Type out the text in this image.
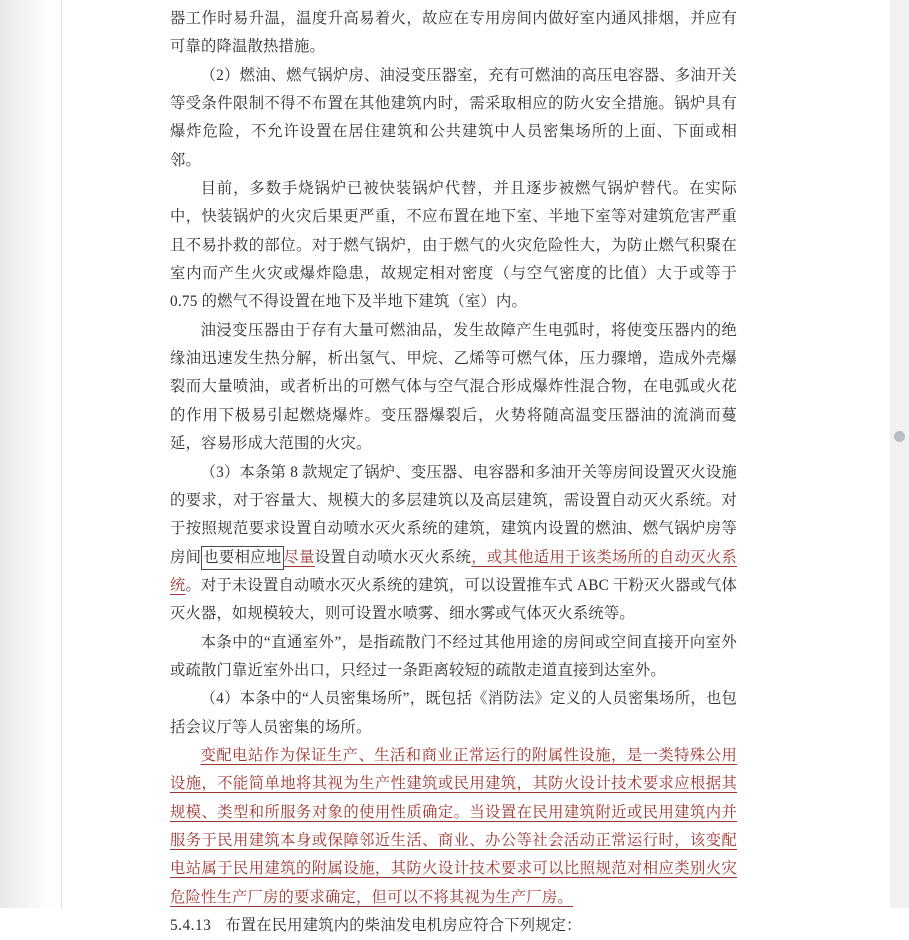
器工作时易升温，温度升高易着火，故应在专用房间内做好室内通风排烟，并应有可靠的降温散热措施。

（2）燃油、燃气锅炉房、油浸变压器室，充有可燃油的高压电容器、多油开关等受条件限制不得不布置在其他建筑内时，需采取相应的防火安全措施。锅炉具有爆炸危险，不允许设置在居住建筑和公共建筑中人员密集场所的上面、下面或相邻。

目前，多数手烧锅炉已被快装锅炉代替，并且逐步被燃气锅炉替代。在实际中，快装锅炉的火灾后果更严重，不应布置在地下室、半地下室等对建筑危害严重且不易扑救的部位。对于燃气锅炉，由于燃气的火灾危险性大，为防止燃气积聚在室内而产生火灾或爆炸隐患，故规定相对密度（与空气密度的比值）大于或等于 0.75 的燃气不得设置在地下及半地下建筑（室）内。

油浸变压器由于存有大量可燃油品，发生故障产生电弧时，将使变压器内的绝缘油迅速发生热分解，析出氢气、甲烷、乙烯等可燃气体，压力骤增，造成外壳爆裂而大量喷油，或者析出的可燃气体与空气混合形成爆炸性混合物，在电弧或火花的作用下极易引起燃烧爆炸。变压器爆裂后，火势将随高温变压器油的流淌而蔓延，容易形成大范围的火灾。

（3）本条第 8 款规定了锅炉、变压器、电容器和多油开关等房间设置灭火设施的要求，对于容量大、规模大的多层建筑以及高层建筑，需设置自动灭火系统。对于按照规范要求设置自动喷水灭火系统的建筑，建筑内设置的燃油、燃气锅炉房等房间 也要相应地 尽量设置自动喷水灭火系统，或其他适用于该类场所的自动灭火系统。对于未设置自动喷水灭火系统的建筑，可以设置推车式 ABC 干粉灭火器或气体灭火器，如规模较大，则可设置水喷雾、细水雾或气体灭火系统等。

本条中的“直通室外”，是指疏散门不经过其他用途的房间或空间直接开向室外或疏散门靠近室外出口，只经过一条距离较短的疏散走道直接到达室外。

（4）本条中的“人员密集场所”，既包括《消防法》定义的人员密集场所，也包括会议厅等人员密集的场所。

变配电站作为保证生产、生活和商业正常运行的附属性设施，是一类特殊公用设施，不能简单地将其视为生产性建筑或民用建筑，其防火设计技术要求应根据其规模、类型和所服务对象的使用性质确定。当设置在民用建筑附近或民用建筑内并服务于民用建筑本身或保障邻近生活、商业、办公等社会活动正常运行时，该变配电站属于民用建筑的附属设施，其防火设计技术要求可以比照规范对相应类别火灾危险性生产厂房的要求确定，但可以不将其视为生产厂房。

5.4.13 布置在民用建筑内的柴油发电机房应符合下列规定：
